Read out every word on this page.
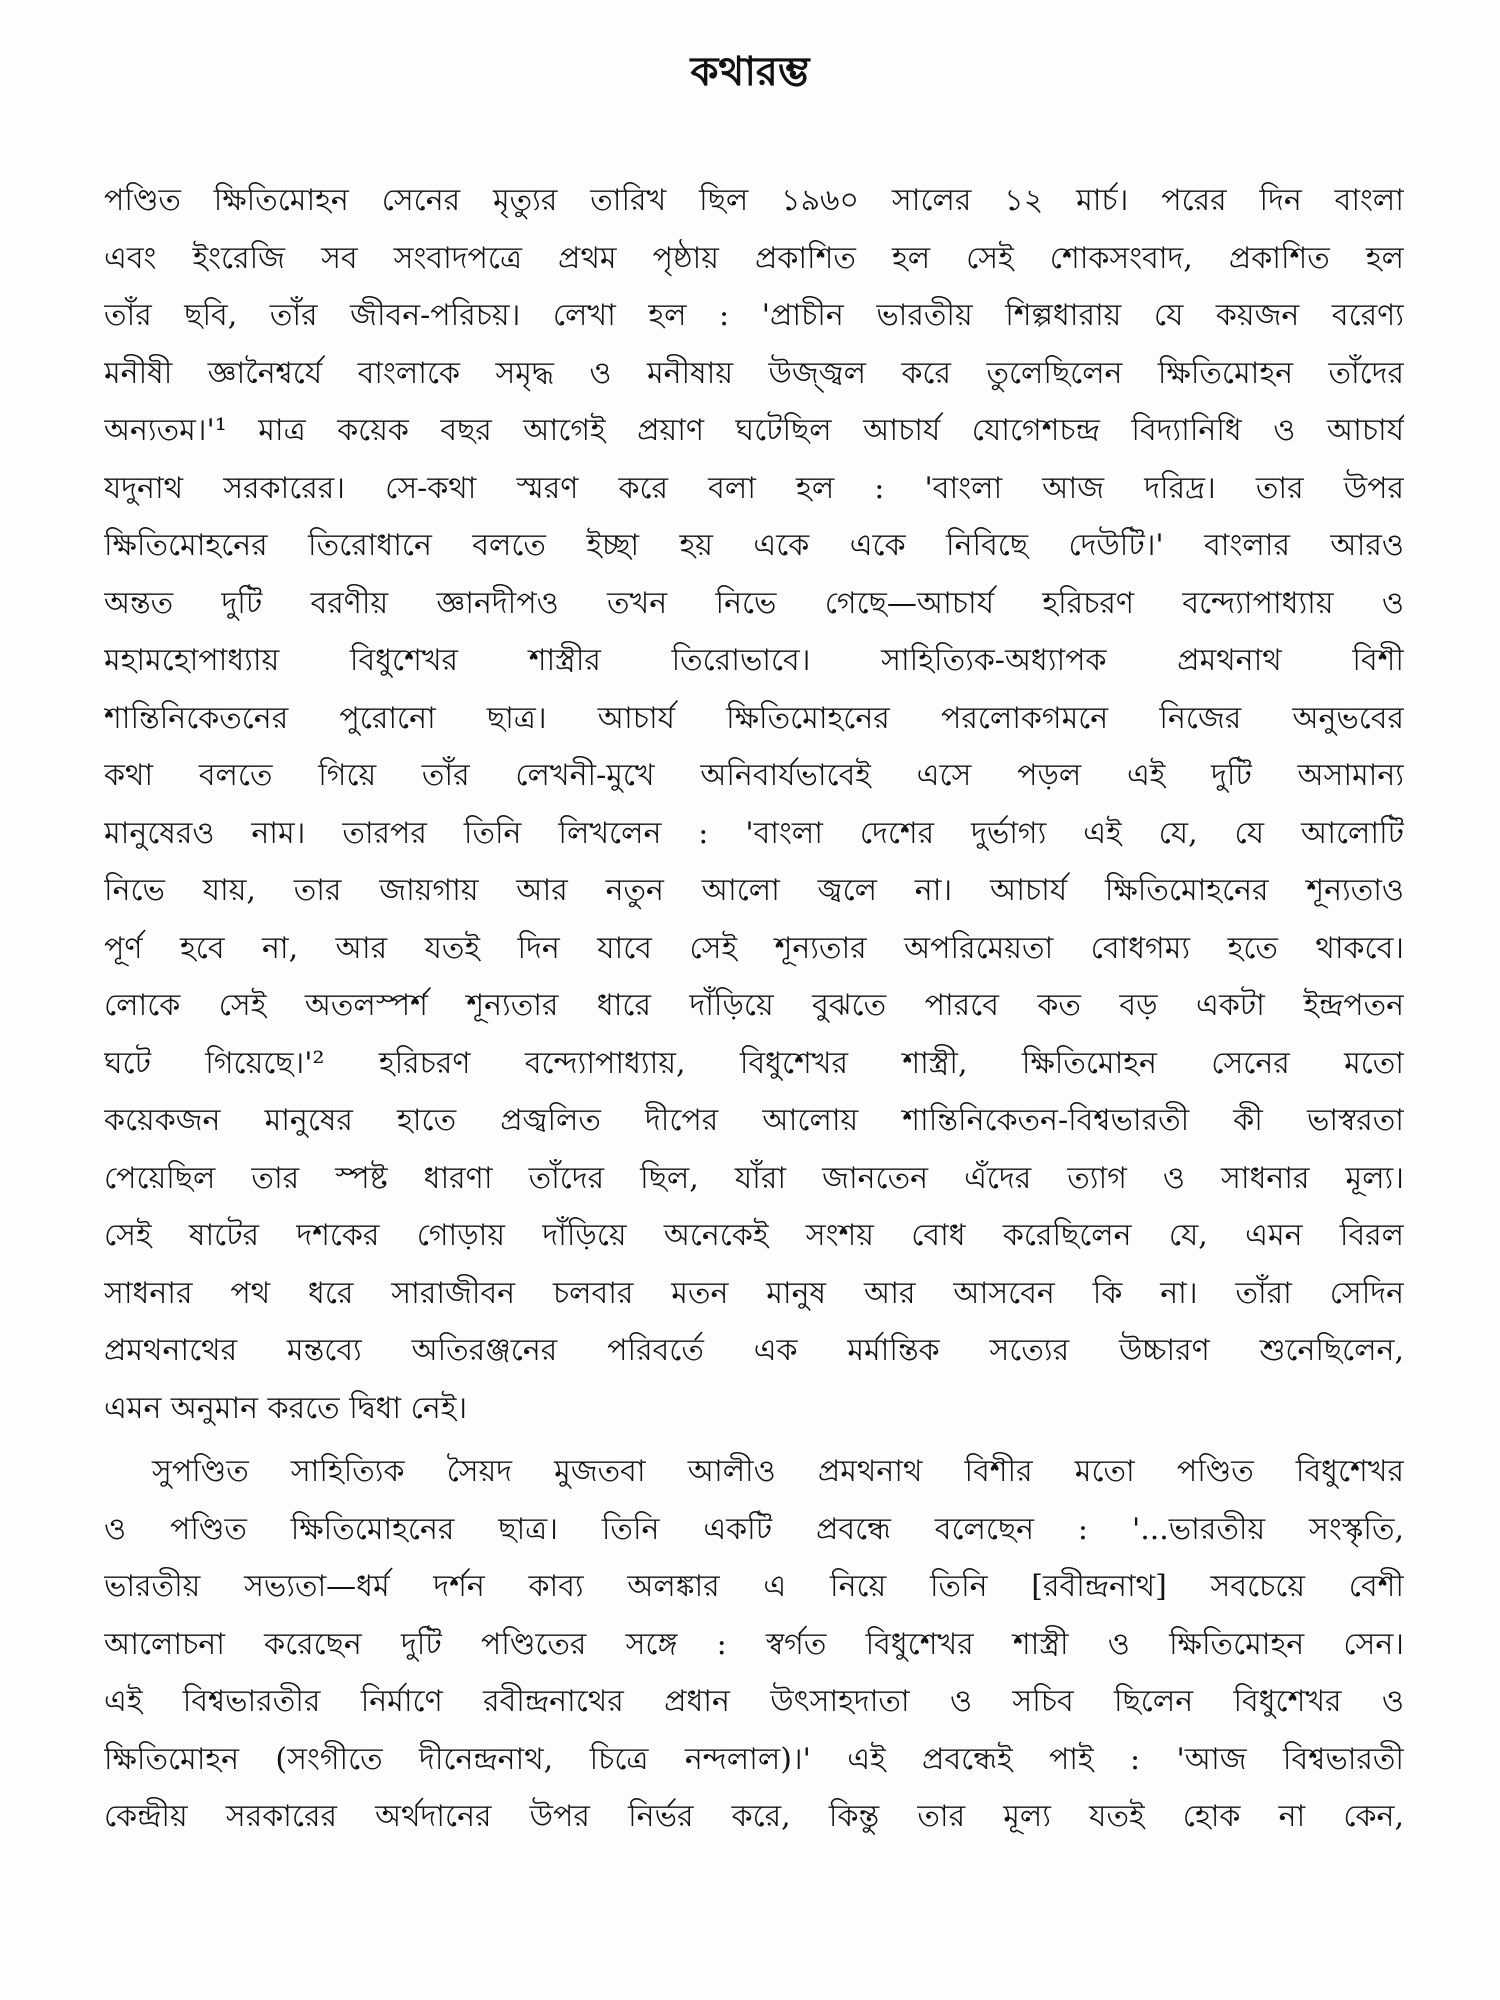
কথারম্ভ
পণ্ডিত ক্ষিতিমোহন সেনের মৃত্যুর তারিখ ছিল ১৯৬০ সালের ১২ মার্চ। পরের দিন বাংলা
এবং ইংরেজি সব সংবাদপত্রে প্রথম পৃষ্ঠায় প্রকাশিত হল সেই শোকসংবাদ, প্রকাশিত হল
তাঁর ছবি, তাঁর জীবন-পরিচয়। লেখা হল : 'প্রাচীন ভারতীয় শিল্পধারায় যে কয়জন বরেণ্য
মনীষী জ্ঞানৈশ্বর্যে বাংলাকে সমৃদ্ধ ও মনীষায় উজ্জ্বল করে তুলেছিলেন ক্ষিতিমোহন তাঁদের
অন্যতম।'¹ মাত্র কয়েক বছর আগেই প্রয়াণ ঘটেছিল আচার্য যোগেশচন্দ্র বিদ্যানিধি ও আচার্য
যদুনাথ সরকারের। সে-কথা স্মরণ করে বলা হল : 'বাংলা আজ দরিদ্র। তার উপর
ক্ষিতিমোহনের তিরোধানে বলতে ইচ্ছা হয় একে একে নিবিছে দেউটি।' বাংলার আরও
অন্তত দুটি বরণীয় জ্ঞানদীপও তখন নিভে গেছে—আচার্য হরিচরণ বন্দ্যোপাধ্যায় ও
মহামহোপাধ্যায় বিধুশেখর শাস্ত্রীর তিরোভাবে। সাহিত্যিক-অধ্যাপক প্রমথনাথ বিশী
শান্তিনিকেতনের পুরোনো ছাত্র। আচার্য ক্ষিতিমোহনের পরলোকগমনে নিজের অনুভবের
কথা বলতে গিয়ে তাঁর লেখনী-মুখে অনিবার্যভাবেই এসে পড়ল এই দুটি অসামান্য
মানুষেরও নাম। তারপর তিনি লিখলেন : 'বাংলা দেশের দুর্ভাগ্য এই যে, যে আলোটি
নিভে যায়, তার জায়গায় আর নতুন আলো জ্বলে না। আচার্য ক্ষিতিমোহনের শূন্যতাও
পূর্ণ হবে না, আর যতই দিন যাবে সেই শূন্যতার অপরিমেয়তা বোধগম্য হতে থাকবে।
লোকে সেই অতলস্পর্শ শূন্যতার ধারে দাঁড়িয়ে বুঝতে পারবে কত বড় একটা ইন্দ্রপতন
ঘটে গিয়েছে।'² হরিচরণ বন্দ্যোপাধ্যায়, বিধুশেখর শাস্ত্রী, ক্ষিতিমোহন সেনের মতো
কয়েকজন মানুষের হাতে প্রজ্বলিত দীপের আলোয় শান্তিনিকেতন-বিশ্বভারতী কী ভাস্বরতা
পেয়েছিল তার স্পষ্ট ধারণা তাঁদের ছিল, যাঁরা জানতেন এঁদের ত্যাগ ও সাধনার মূল্য।
সেই ষাটের দশকের গোড়ায় দাঁড়িয়ে অনেকেই সংশয় বোধ করেছিলেন যে, এমন বিরল
সাধনার পথ ধরে সারাজীবন চলবার মতন মানুষ আর আসবেন কি না। তাঁরা সেদিন
প্রমথনাথের মন্তব্যে অতিরঞ্জনের পরিবর্তে এক মর্মান্তিক সত্যের উচ্চারণ শুনেছিলেন,
এমন অনুমান করতে দ্বিধা নেই।
সুপণ্ডিত সাহিত্যিক সৈয়দ মুজতবা আলীও প্রমথনাথ বিশীর মতো পণ্ডিত বিধুশেখর
ও পণ্ডিত ক্ষিতিমোহনের ছাত্র। তিনি একটি প্রবন্ধে বলেছেন : '...ভারতীয় সংস্কৃতি,
ভারতীয় সভ্যতা—ধর্ম দর্শন কাব্য অলঙ্কার এ নিয়ে তিনি [রবীন্দ্রনাথ] সবচেয়ে বেশী
আলোচনা করেছেন দুটি পণ্ডিতের সঙ্গে : স্বর্গত বিধুশেখর শাস্ত্রী ও ক্ষিতিমোহন সেন।
এই বিশ্বভারতীর নির্মাণে রবীন্দ্রনাথের প্রধান উৎসাহদাতা ও সচিব ছিলেন বিধুশেখর ও
ক্ষিতিমোহন (সংগীতে দীনেন্দ্রনাথ, চিত্রে নন্দলাল)।' এই প্রবন্ধেই পাই : 'আজ বিশ্বভারতী
কেন্দ্রীয় সরকারের অর্থদানের উপর নির্ভর করে, কিন্তু তার মূল্য যতই হোক না কেন,
